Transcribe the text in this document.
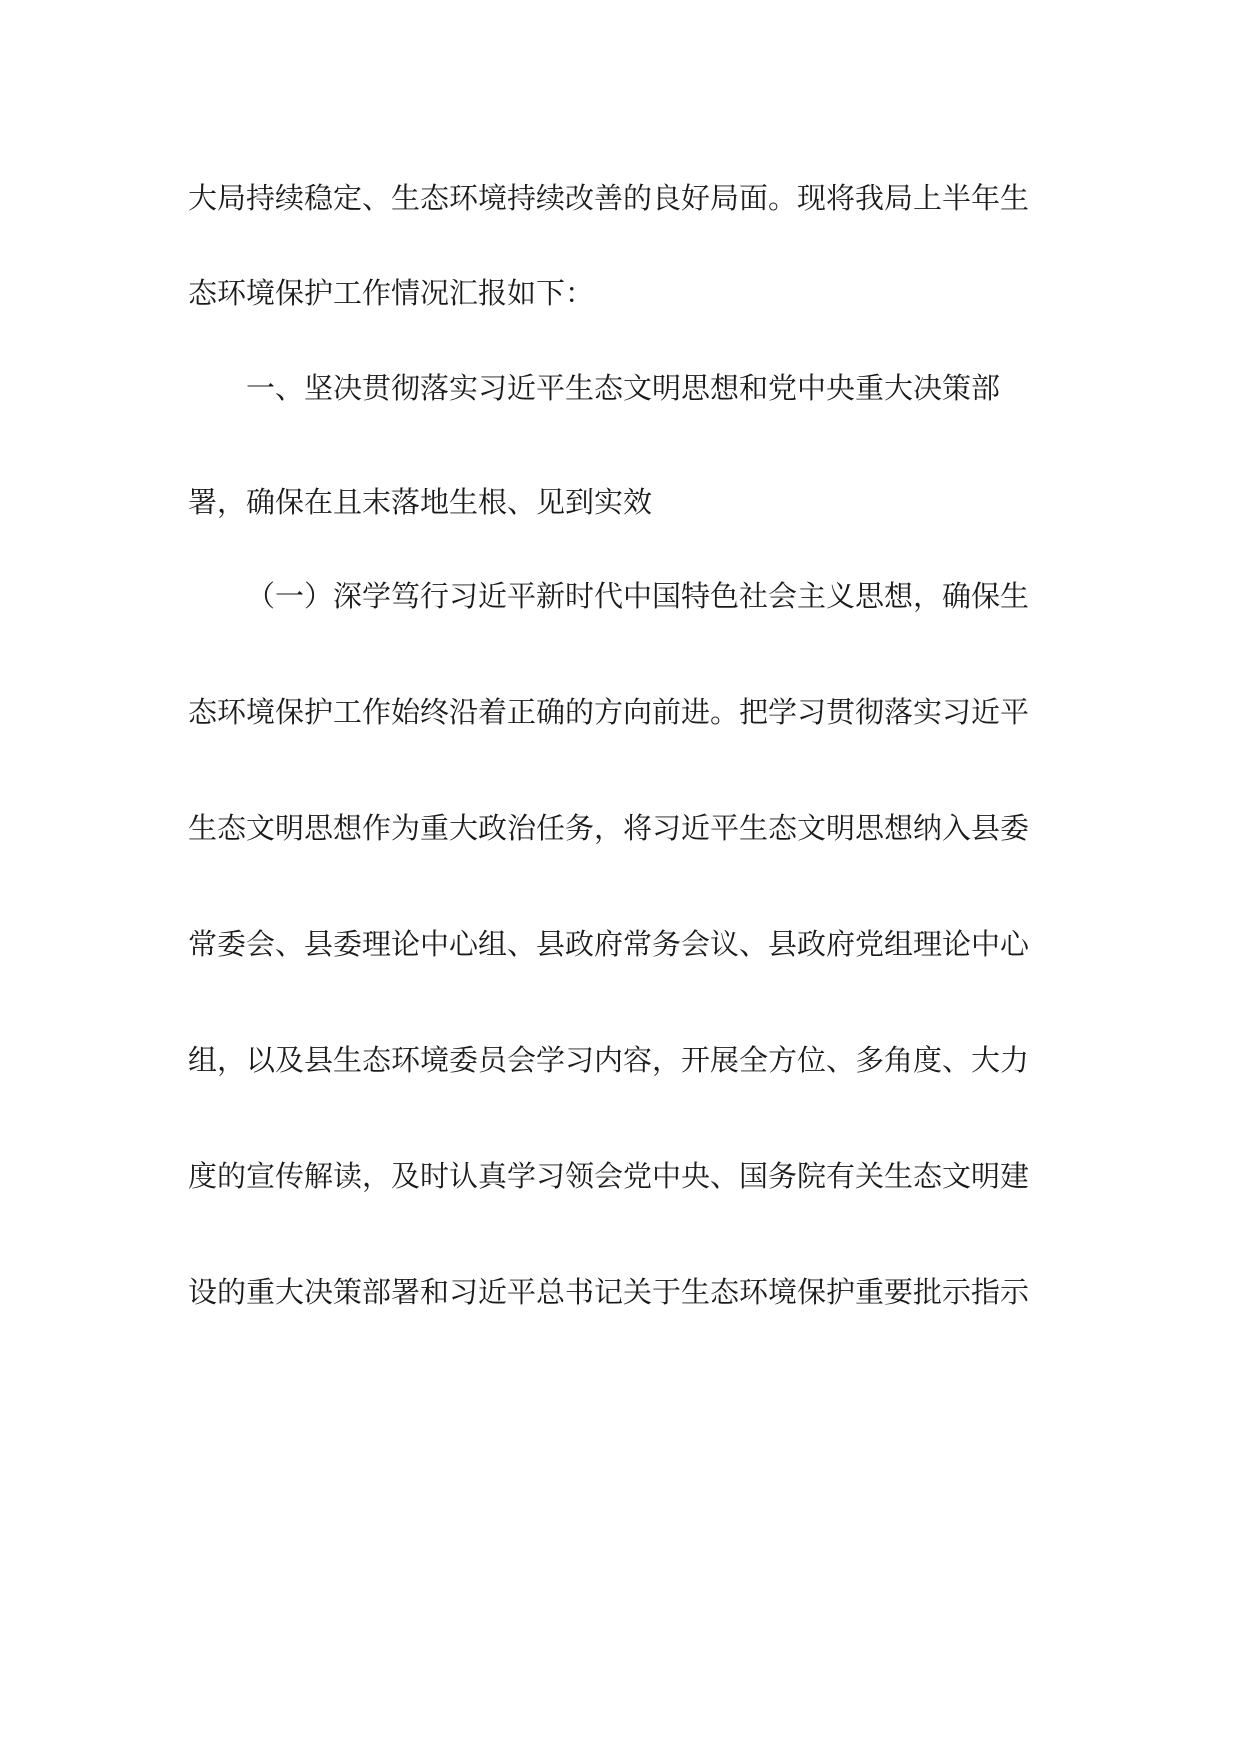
大局持续稳定、生态环境持续改善的良好局面。现将我局上半年生
态环境保护工作情况汇报如下：
一、坚决贯彻落实习近平生态文明思想和党中央重大决策部
署，确保在且末落地生根、见到实效
（一）深学笃行习近平新时代中国特色社会主义思想，确保生
态环境保护工作始终沿着正确的方向前进。把学习贯彻落实习近平
生态文明思想作为重大政治任务，将习近平生态文明思想纳入县委
常委会、县委理论中心组、县政府常务会议、县政府党组理论中心
组，以及县生态环境委员会学习内容，开展全方位、多角度、大力
度的宣传解读，及时认真学习领会党中央、国务院有关生态文明建
设的重大决策部署和习近平总书记关于生态环境保护重要批示指示
